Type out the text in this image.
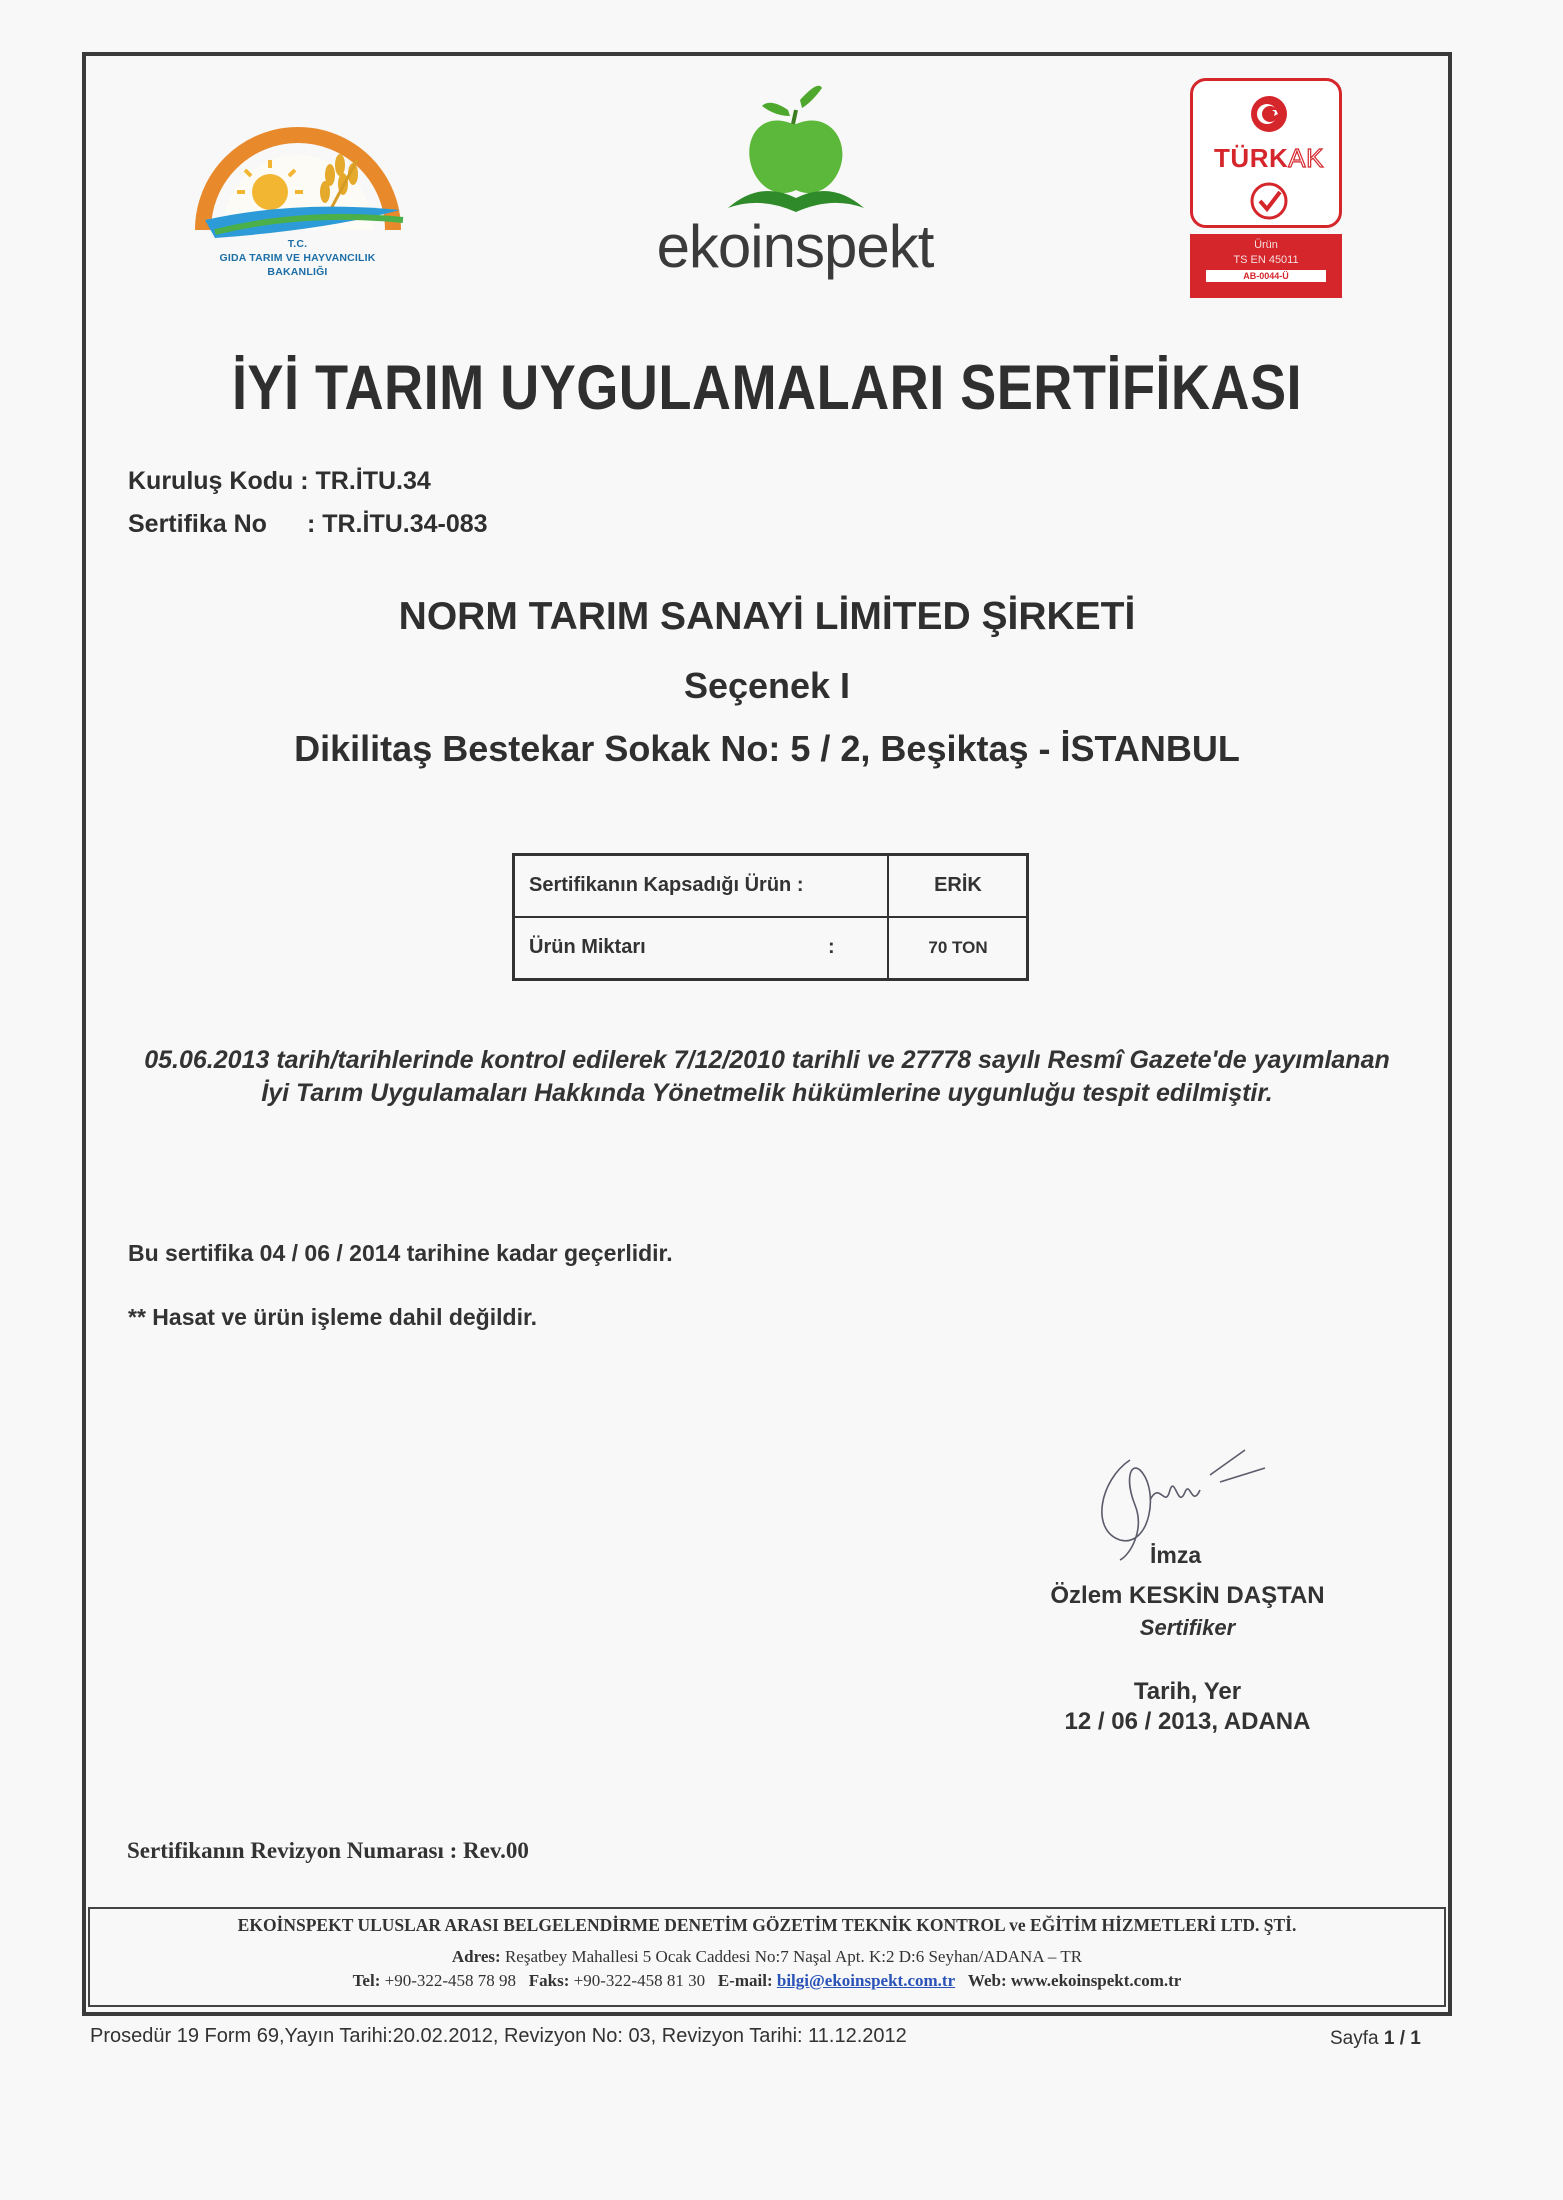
T.C.
GIDA TARIM VE HAYVANCILIK
BAKANLIĞI	ekoinspekt
TÜRKAK
Ürün
TS EN 45011
AB-0044-Ü
İYİ TARIM UYGULAMALARI SERTİFİKASI
Kuruluş Kodu : TR.İTU.34
Sertifika No : TR.İTU.34-083
NORM TARIM SANAYİ LİMİTED ŞİRKETİ
Seçenek I
Dikilitaş Bestekar Sokak No: 5 / 2, Beşiktaş - İSTANBUL
Sertifikanın Kapsadığı Ürün :	ERİK
Ürün Miktarı	:	70 TON
05.06.2013 tarih/tarihlerinde kontrol edilerek 7/12/2010 tarihli ve 27778 sayılı Resmî Gazete'de yayımlanan
İyi Tarım Uygulamaları Hakkında Yönetmelik hükümlerine uygunluğu tespit edilmiştir.
Bu sertifika 04 / 06 / 2014 tarihine kadar geçerlidir.
** Hasat ve ürün işleme dahil değildir.
İmza
Özlem KESKİN DAŞTAN
Sertifiker
Tarih, Yer
12 / 06 / 2013, ADANA
Sertifikanın Revizyon Numarası : Rev.00
EKOİNSPEKT ULUSLAR ARASI BELGELENDİRME DENETİM GÖZETİM TEKNİK KONTROL ve EĞİTİM HİZMETLERİ LTD. ŞTİ.
Adres: Reşatbey Mahallesi 5 Ocak Caddesi No:7 Naşal Apt. K:2 D:6 Seyhan/ADANA – TR
Tel: +90-322-458 78 98 Faks: +90-322-458 81 30 E-mail: bilgi@ekoinspekt.com.tr Web: www.ekoinspekt.com.tr
Prosedür 19 Form 69,Yayın Tarihi:20.02.2012, Revizyon No: 03, Revizyon Tarihi: 11.12.2012	Sayfa 1 / 1
